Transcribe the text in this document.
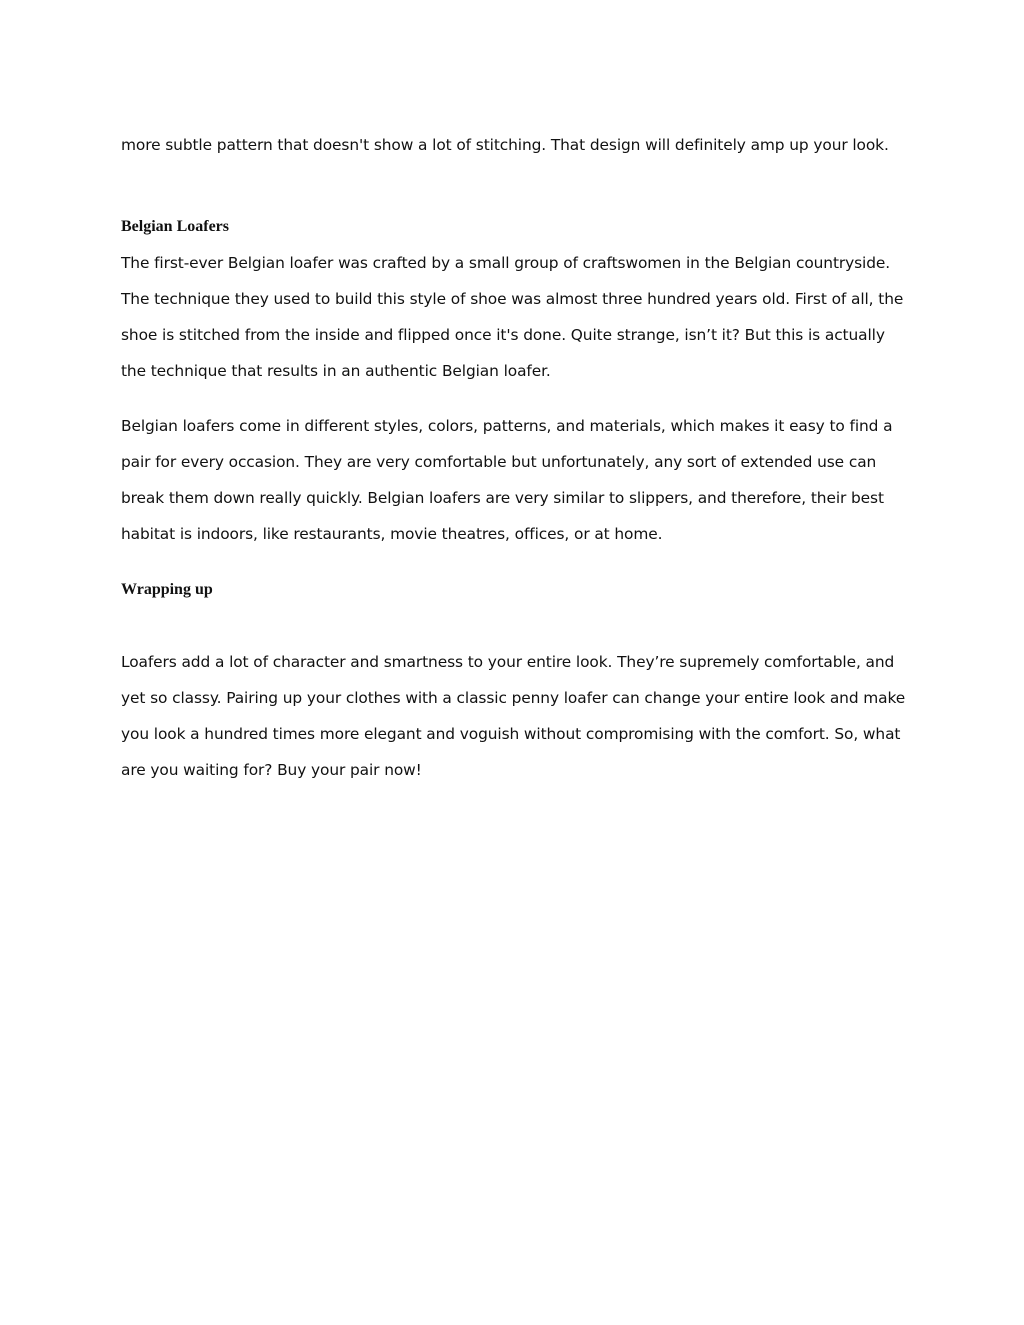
more subtle pattern that doesn't show a lot of stitching. That design will definitely amp up your look.

Belgian Loafers

The first-ever Belgian loafer was crafted by a small group of craftswomen in the Belgian countryside. The technique they used to build this style of shoe was almost three hundred years old. First of all, the shoe is stitched from the inside and flipped once it's done. Quite strange, isn’t it? But this is actually the technique that results in an authentic Belgian loafer.

Belgian loafers come in different styles, colors, patterns, and materials, which makes it easy to find a pair for every occasion. They are very comfortable but unfortunately, any sort of extended use can break them down really quickly. Belgian loafers are very similar to slippers, and therefore, their best habitat is indoors, like restaurants, movie theatres, offices, or at home.

Wrapping up

Loafers add a lot of character and smartness to your entire look. They’re supremely comfortable, and yet so classy. Pairing up your clothes with a classic penny loafer can change your entire look and make you look a hundred times more elegant and voguish without compromising with the comfort. So, what are you waiting for? Buy your pair now!
